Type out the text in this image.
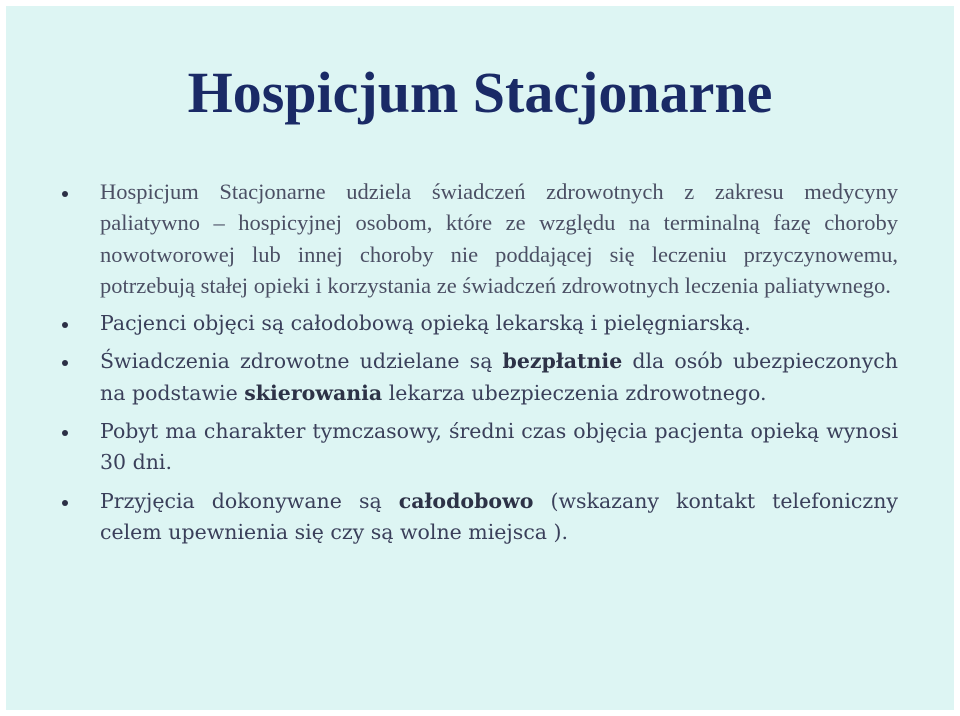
Hospicjum Stacjonarne
Hospicjum Stacjonarne udziela świadczeń zdrowotnych z zakresu medycyny paliatywno – hospicyjnej osobom, które ze względu na terminalną fazę choroby nowotworowej lub innej choroby nie poddającej się leczeniu przyczynowemu, potrzebują stałej opieki i korzystania ze świadczeń zdrowotnych leczenia paliatywnego.
Pacjenci objęci są całodobową opieką lekarską i pielęgniarską.
Świadczenia zdrowotne udzielane są bezpłatnie dla osób ubezpieczonych na podstawie skierowania lekarza ubezpieczenia zdrowotnego.
Pobyt ma charakter tymczasowy, średni czas objęcia pacjenta opieką wynosi 30 dni.
Przyjęcia dokonywane są całodobowo (wskazany kontakt telefoniczny celem upewnienia się czy są wolne miejsca ).
